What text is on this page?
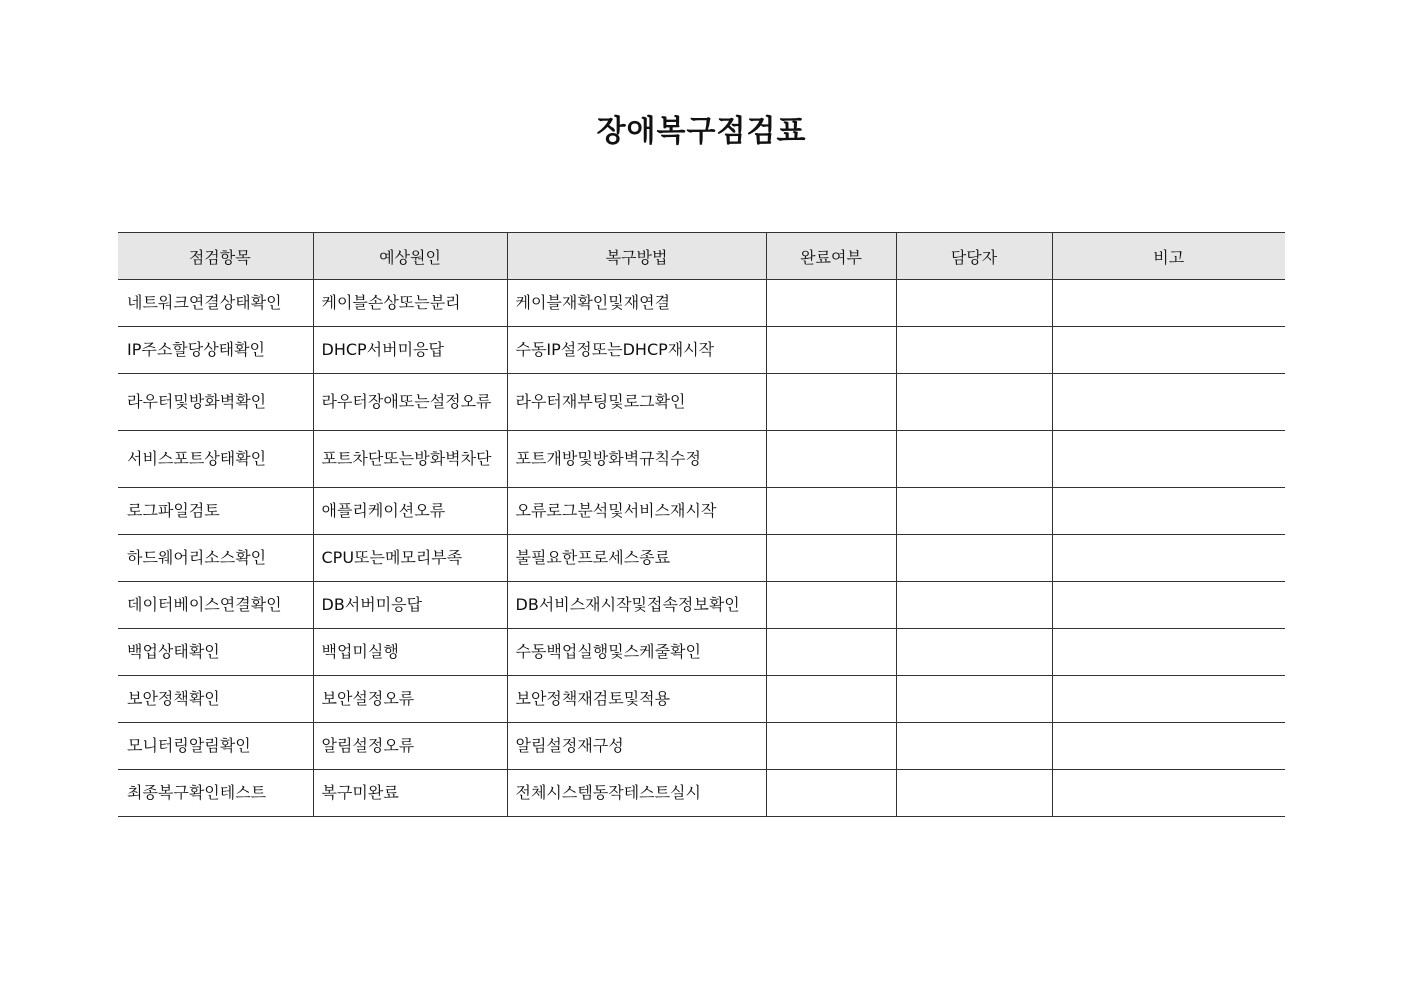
장애복구점검표
점검항목	예상원인	복구방법	완료여부	담당자	비고
네트워크연결상태확인	케이블손상또는분리	케이블재확인및재연결			
IP주소할당상태확인	DHCP서버미응답	수동IP설정또는DHCP재시작			
라우터및방화벽확인	라우터장애또는설정오류	라우터재부팅및로그확인			
서비스포트상태확인	포트차단또는방화벽차단	포트개방및방화벽규칙수정			
로그파일검토	애플리케이션오류	오류로그분석및서비스재시작			
하드웨어리소스확인	CPU또는메모리부족	불필요한프로세스종료			
데이터베이스연결확인	DB서버미응답	DB서비스재시작및접속정보확인			
백업상태확인	백업미실행	수동백업실행및스케줄확인			
보안정책확인	보안설정오류	보안정책재검토및적용			
모니터링알림확인	알림설정오류	알림설정재구성			
최종복구확인테스트	복구미완료	전체시스템동작테스트실시			
